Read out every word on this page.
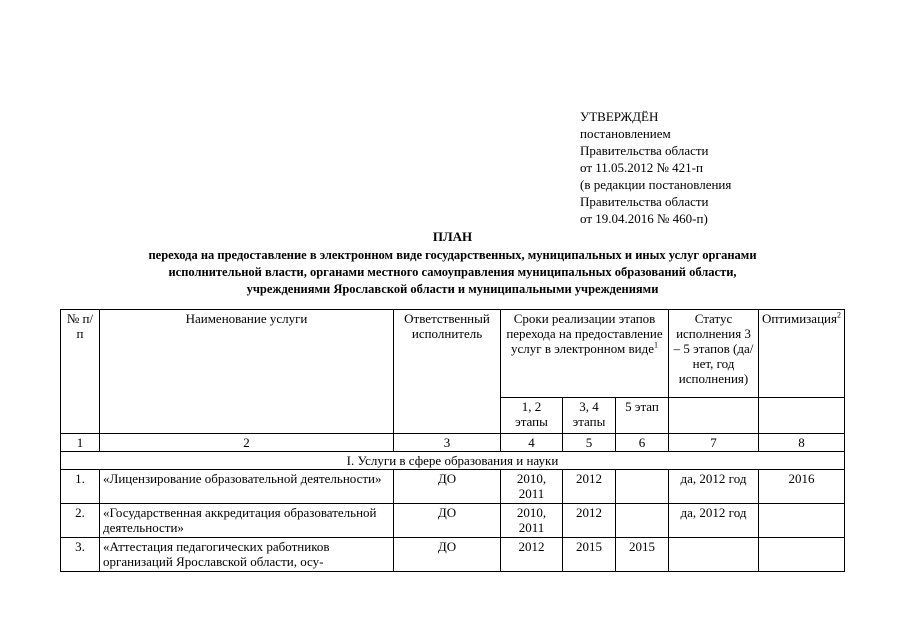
УТВЕРЖДЁН
постановлением
Правительства области
от 11.05.2012 № 421-п
(в редакции постановления
Правительства области
от 19.04.2016 № 460-п)
ПЛАН
перехода на предоставление в электронном виде государственных, муниципальных и иных услуг органами
исполнительной власти, органами местного самоуправления муниципальных образований области,
учреждениями Ярославской области и муниципальными учреждениями
№ п/п	Наименование услуги	Ответственный исполнитель	Сроки реализации этапов перехода на предоставление услуг в электронном виде$^1$			Статус исполнения 3 – 5 этапов (да/ нет, год исполнения)	Оптимизация$^2$
			1, 2 этапы	3, 4 этапы	5 этап		
1	2	3	4	5	6	7	8
I. Услуги в сфере образования и науки							
1.	«Лицензирование образовательной деятельности»	ДО	2010, 2011	2012		да, 2012 год	2016
2.	«Государственная аккредитация образовательной деятельности»	ДО	2010, 2011	2012		да, 2012 год	
3.	«Аттестация педагогических работников организаций Ярославской области, осу-	ДО	2012	2015	2015		
